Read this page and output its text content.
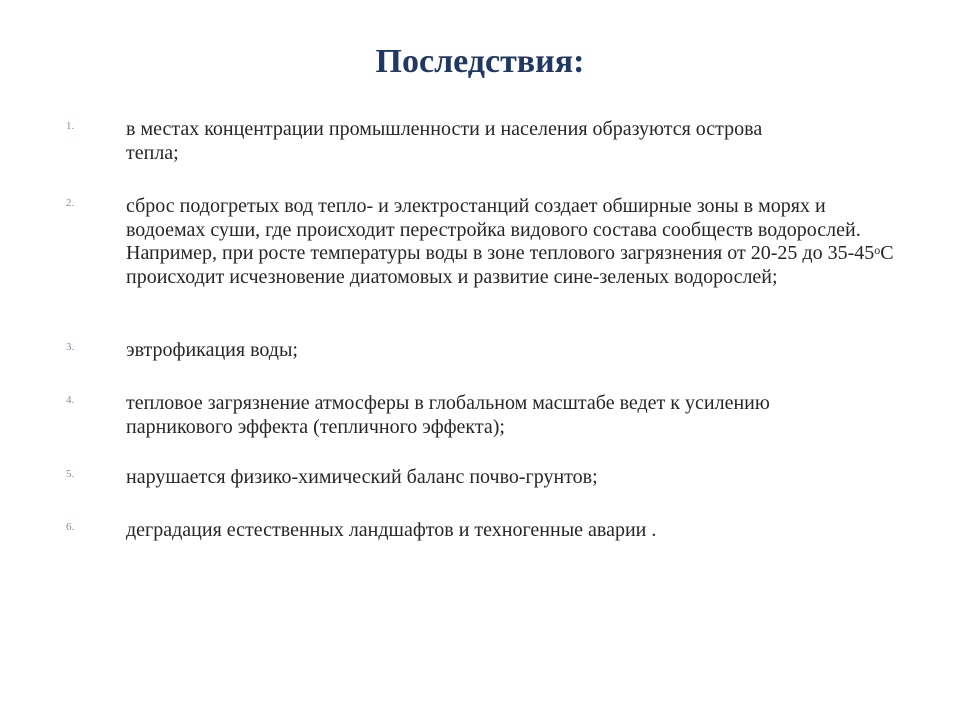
Последствия:
1.	в местах концентрации промышленности и населения образуются острова тепла;
2.	сброс подогретых вод тепло- и электростанций создает обширные зоны в морях и водоемах суши, где происходит перестройка видового состава сообществ водорослей. Например, при росте температуры воды в зоне теплового загрязнения от 20-25 до $35-45^оС$ происходит исчезновение диатомовых и развитие сине-зеленых водорослей;
3.	эвтрофикация воды;
4.	тепловое загрязнение атмосферы в глобальном масштабе ведет к усилению парникового эффекта (тепличного эффекта);
5.	нарушается физико-химический баланс почво-грунтов;
6.	деградация естественных ландшафтов и техногенные аварии .
